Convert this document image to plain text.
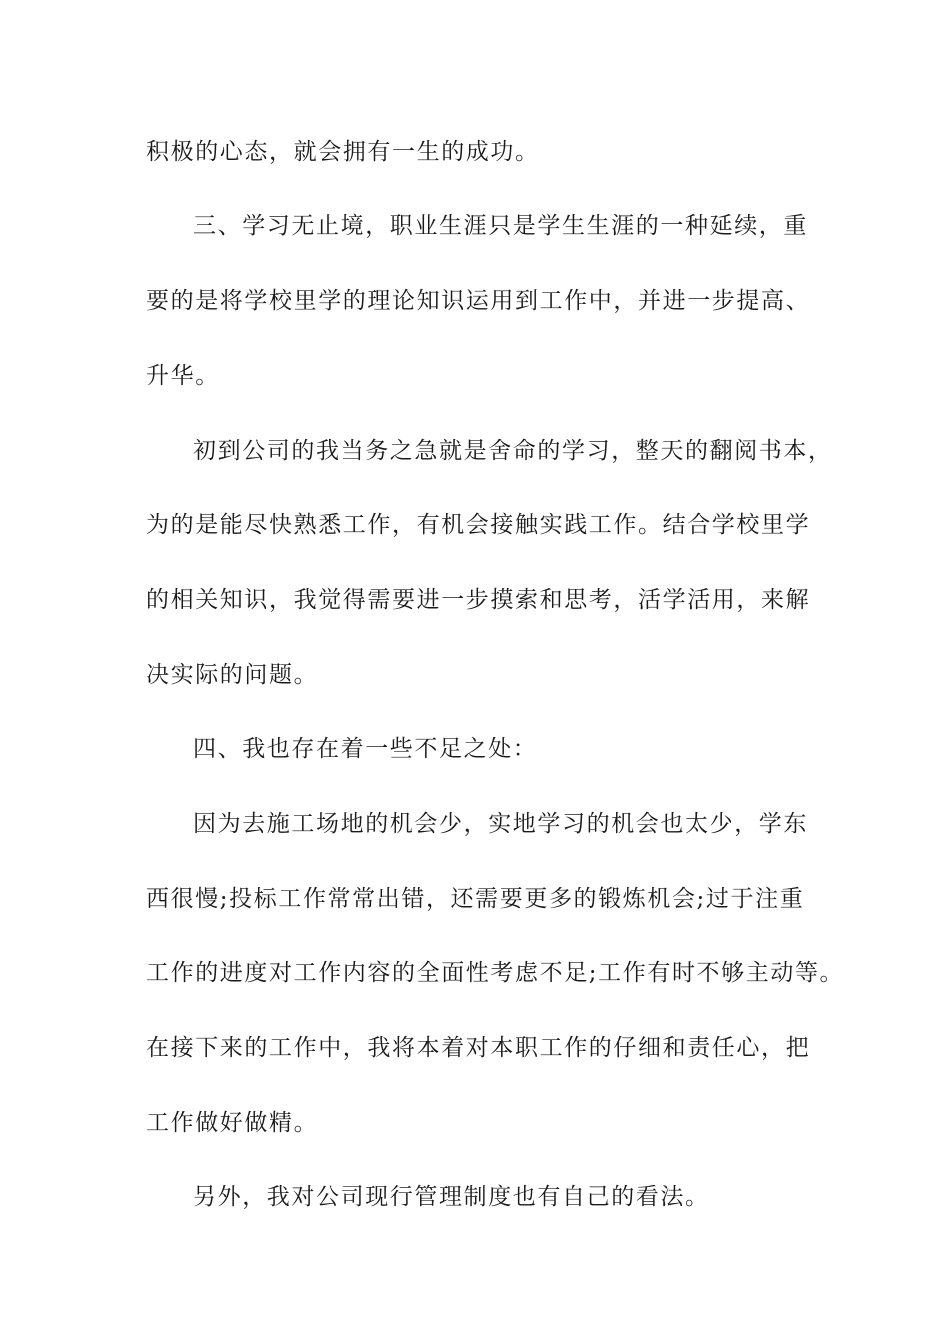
积极的心态，就会拥有一生的成功。
三、学习无止境，职业生涯只是学生生涯的一种延续，重
要的是将学校里学的理论知识运用到工作中，并进一步提高、
升华。
初到公司的我当务之急就是舍命的学习，整天的翻阅书本，
为的是能尽快熟悉工作，有机会接触实践工作。结合学校里学
的相关知识，我觉得需要进一步摸索和思考，活学活用，来解
决实际的问题。
四、我也存在着一些不足之处：
因为去施工场地的机会少，实地学习的机会也太少，学东
西很慢;投标工作常常出错，还需要更多的锻炼机会;过于注重
工作的进度对工作内容的全面性考虑不足;工作有时不够主动等。
在接下来的工作中，我将本着对本职工作的仔细和责任心，把
工作做好做精。
另外，我对公司现行管理制度也有自己的看法。
